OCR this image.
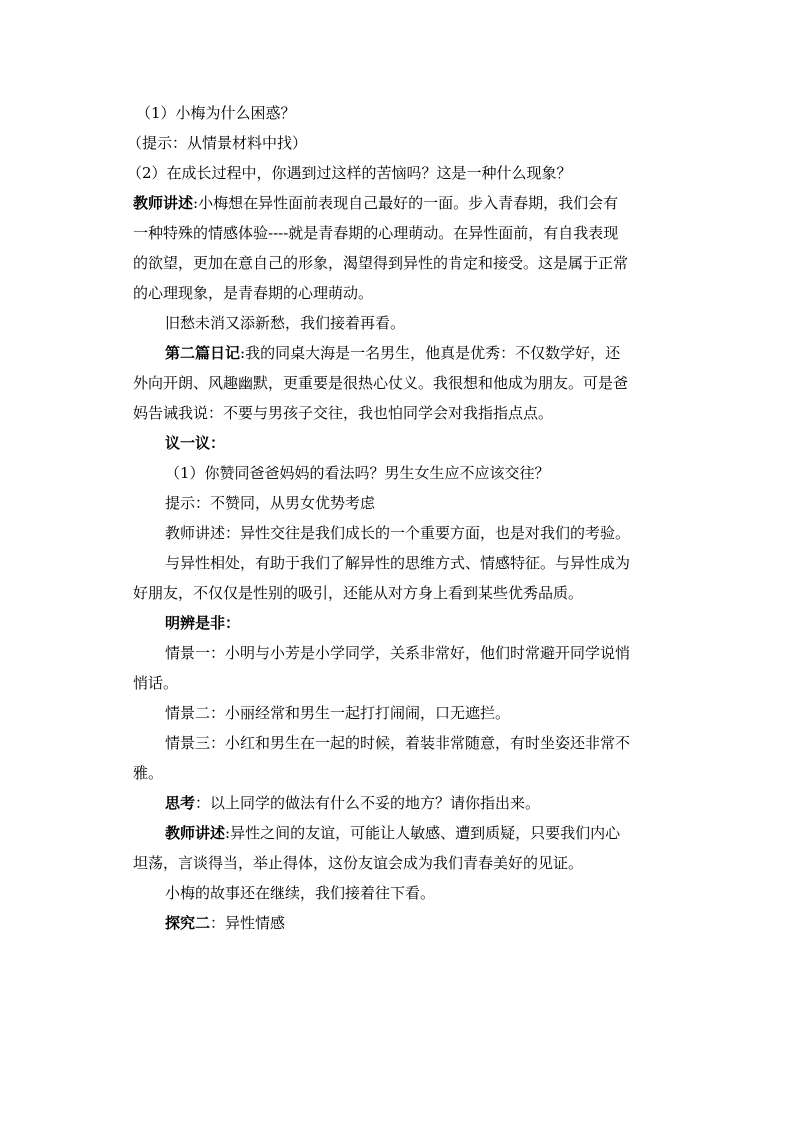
（1）小梅为什么困惑？
（提示：从情景材料中找）
（2）在成长过程中，你遇到过这样的苦恼吗？这是一种什么现象？
教师讲述:小梅想在异性面前表现自己最好的一面。步入青春期，我们会有
一种特殊的情感体验----就是青春期的心理萌动。在异性面前，有自我表现
的欲望，更加在意自己的形象，渴望得到异性的肯定和接受。这是属于正常
的心理现象，是青春期的心理萌动。
旧愁未消又添新愁，我们接着再看。
第二篇日记:我的同桌大海是一名男生，他真是优秀：不仅数学好，还
外向开朗、风趣幽默，更重要是很热心仗义。我很想和他成为朋友。可是爸
妈告诫我说：不要与男孩子交往，我也怕同学会对我指指点点。
议一议：
（1）你赞同爸爸妈妈的看法吗？男生女生应不应该交往？
提示：不赞同，从男女优势考虑
教师讲述：异性交往是我们成长的一个重要方面，也是对我们的考验。
与异性相处，有助于我们了解异性的思维方式、情感特征。与异性成为
好朋友，不仅仅是性别的吸引，还能从对方身上看到某些优秀品质。
明辨是非：
情景一：小明与小芳是小学同学，关系非常好，他们时常避开同学说悄
悄话。
情景二：小丽经常和男生一起打打闹闹，口无遮拦。
情景三：小红和男生在一起的时候，着装非常随意，有时坐姿还非常不
雅。
思考：以上同学的做法有什么不妥的地方？请你指出来。
教师讲述:异性之间的友谊，可能让人敏感、遭到质疑，只要我们内心
坦荡，言谈得当，举止得体，这份友谊会成为我们青春美好的见证。
小梅的故事还在继续，我们接着往下看。
探究二：异性情感
